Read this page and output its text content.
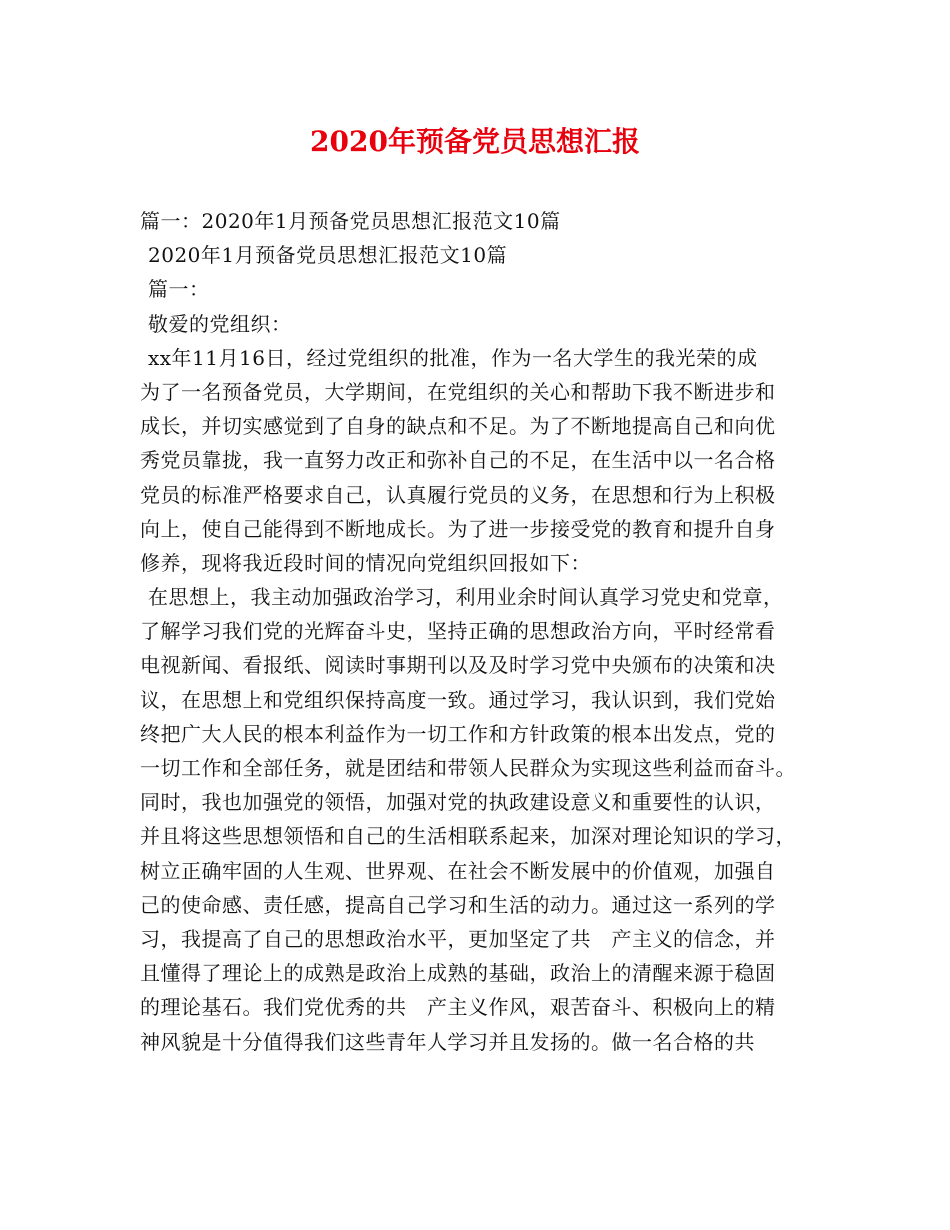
2020年预备党员思想汇报
篇一：2020年1月预备党员思想汇报范文10篇
2020年1月预备党员思想汇报范文10篇
篇一：
敬爱的党组织：
xx年11月16日，经过党组织的批准，作为一名大学生的我光荣的成
为了一名预备党员，大学期间，在党组织的关心和帮助下我不断进步和
成长，并切实感觉到了自身的缺点和不足。为了不断地提高自己和向优
秀党员靠拢，我一直努力改正和弥补自己的不足，在生活中以一名合格
党员的标准严格要求自己，认真履行党员的义务，在思想和行为上积极
向上，使自己能得到不断地成长。为了进一步接受党的教育和提升自身
修养，现将我近段时间的情况向党组织回报如下：
在思想上，我主动加强政治学习，利用业余时间认真学习党史和党章，
了解学习我们党的光辉奋斗史，坚持正确的思想政治方向，平时经常看
电视新闻、看报纸、阅读时事期刊以及及时学习党中央颁布的决策和决
议，在思想上和党组织保持高度一致。通过学习，我认识到，我们党始
终把广大人民的根本利益作为一切工作和方针政策的根本出发点，党的
一切工作和全部任务，就是团结和带领人民群众为实现这些利益而奋斗。
同时，我也加强党的领悟，加强对党的执政建设意义和重要性的认识，
并且将这些思想领悟和自己的生活相联系起来，加深对理论知识的学习，
树立正确牢固的人生观、世界观、在社会不断发展中的价值观，加强自
己的使命感、责任感，提高自己学习和生活的动力。通过这一系列的学
习，我提高了自己的思想政治水平，更加坚定了共　产主义的信念，并
且懂得了理论上的成熟是政治上成熟的基础，政治上的清醒来源于稳固
的理论基石。我们党优秀的共　产主义作风，艰苦奋斗、积极向上的精
神风貌是十分值得我们这些青年人学习并且发扬的。做一名合格的共
